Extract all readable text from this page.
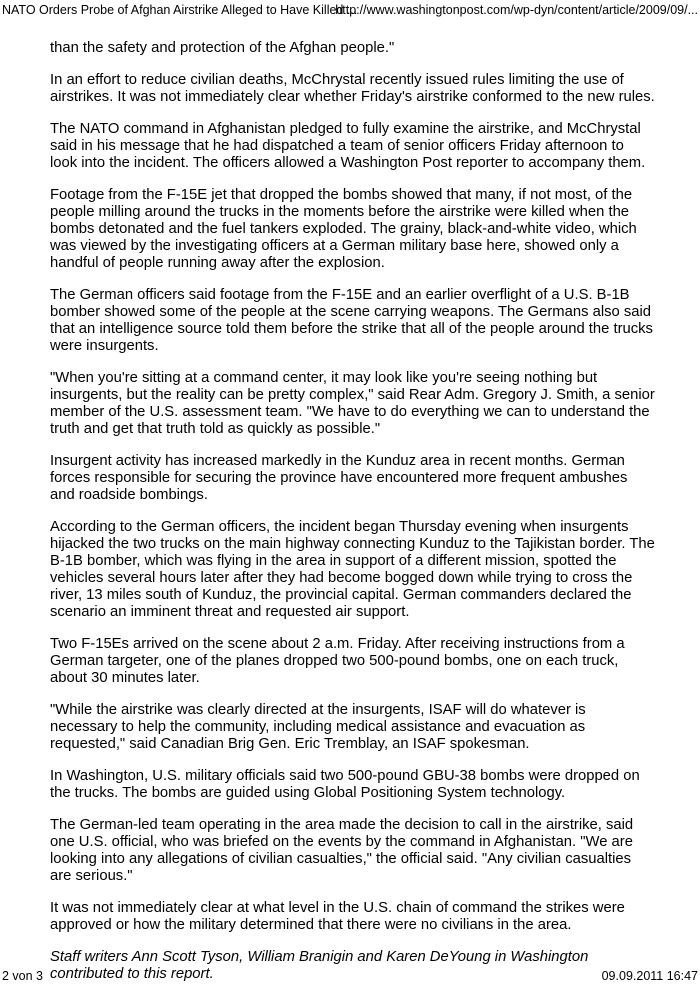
NATO Orders Probe of Afghan Airstrike Alleged to Have Killed ...
http://www.washingtonpost.com/wp-dyn/content/article/2009/09/...

than the safety and protection of the Afghan people."

In an effort to reduce civilian deaths, McChrystal recently issued rules limiting the use of airstrikes. It was not immediately clear whether Friday's airstrike conformed to the new rules.

The NATO command in Afghanistan pledged to fully examine the airstrike, and McChrystal said in his message that he had dispatched a team of senior officers Friday afternoon to look into the incident. The officers allowed a Washington Post reporter to accompany them.

Footage from the F-15E jet that dropped the bombs showed that many, if not most, of the people milling around the trucks in the moments before the airstrike were killed when the bombs detonated and the fuel tankers exploded. The grainy, black-and-white video, which was viewed by the investigating officers at a German military base here, showed only a handful of people running away after the explosion.

The German officers said footage from the F-15E and an earlier overflight of a U.S. B-1B bomber showed some of the people at the scene carrying weapons. The Germans also said that an intelligence source told them before the strike that all of the people around the trucks were insurgents.

"When you're sitting at a command center, it may look like you're seeing nothing but insurgents, but the reality can be pretty complex," said Rear Adm. Gregory J. Smith, a senior member of the U.S. assessment team. "We have to do everything we can to understand the truth and get that truth told as quickly as possible."

Insurgent activity has increased markedly in the Kunduz area in recent months. German forces responsible for securing the province have encountered more frequent ambushes and roadside bombings.

According to the German officers, the incident began Thursday evening when insurgents hijacked the two trucks on the main highway connecting Kunduz to the Tajikistan border. The B-1B bomber, which was flying in the area in support of a different mission, spotted the vehicles several hours later after they had become bogged down while trying to cross the river, 13 miles south of Kunduz, the provincial capital. German commanders declared the scenario an imminent threat and requested air support.

Two F-15Es arrived on the scene about 2 a.m. Friday. After receiving instructions from a German targeter, one of the planes dropped two 500-pound bombs, one on each truck, about 30 minutes later.

"While the airstrike was clearly directed at the insurgents, ISAF will do whatever is necessary to help the community, including medical assistance and evacuation as requested," said Canadian Brig Gen. Eric Tremblay, an ISAF spokesman.

In Washington, U.S. military officials said two 500-pound GBU-38 bombs were dropped on the trucks. The bombs are guided using Global Positioning System technology.

The German-led team operating in the area made the decision to call in the airstrike, said one U.S. official, who was briefed on the events by the command in Afghanistan. "We are looking into any allegations of civilian casualties," the official said. "Any civilian casualties are serious."

It was not immediately clear at what level in the U.S. chain of command the strikes were approved or how the military determined that there were no civilians in the area.

Staff writers Ann Scott Tyson, William Branigin and Karen DeYoung in Washington contributed to this report.

2 von 3	09.09.2011 16:47
